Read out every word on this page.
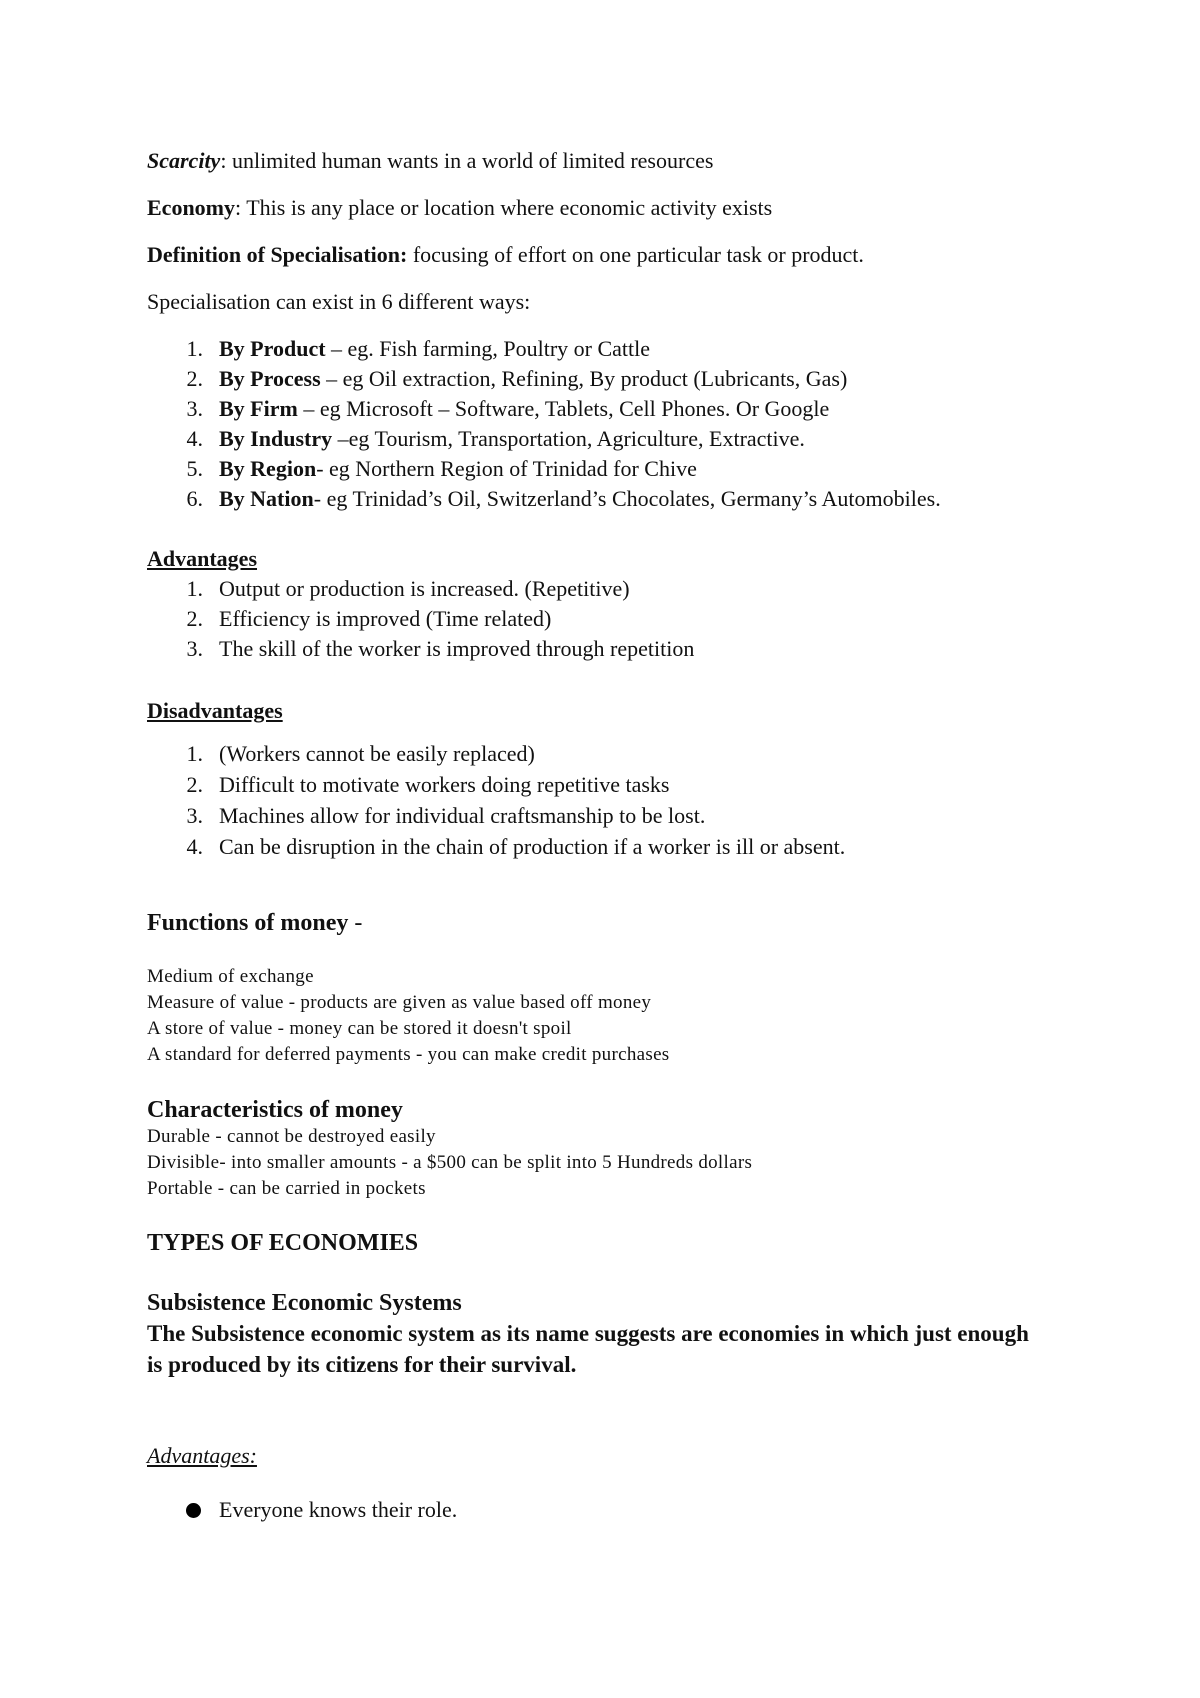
Scarcity: unlimited human wants in a world of limited resources
Economy: This is any place or location where economic activity exists
Definition of Specialisation: focusing of effort on one particular task or product.
Specialisation can exist in 6 different ways:
1. By Product – eg. Fish farming, Poultry or Cattle
2. By Process – eg Oil extraction, Refining, By product (Lubricants, Gas)
3. By Firm – eg Microsoft – Software, Tablets, Cell Phones. Or Google
4. By Industry –eg Tourism, Transportation, Agriculture, Extractive.
5. By Region- eg Northern Region of Trinidad for Chive
6. By Nation- eg Trinidad’s Oil, Switzerland’s Chocolates, Germany’s Automobiles.
Advantages
1. Output or production is increased. (Repetitive)
2. Efficiency is improved (Time related)
3. The skill of the worker is improved through repetition
Disadvantages
1. (Workers cannot be easily replaced)
2. Difficult to motivate workers doing repetitive tasks
3. Machines allow for individual craftsmanship to be lost.
4. Can be disruption in the chain of production if a worker is ill or absent.
Functions of money -
Medium of exchange
Measure of value - products are given as value based off money
A store of value - money can be stored it doesn't spoil
A standard for deferred payments - you can make credit purchases
Characteristics of money
Durable - cannot be destroyed easily
Divisible- into smaller amounts - a $500 can be split into 5 Hundreds dollars
Portable - can be carried in pockets
TYPES OF ECONOMIES
Subsistence Economic Systems
The Subsistence economic system as its name suggests are economies in which just enough is produced by its citizens for their survival.
Advantages:
Everyone knows their role.
